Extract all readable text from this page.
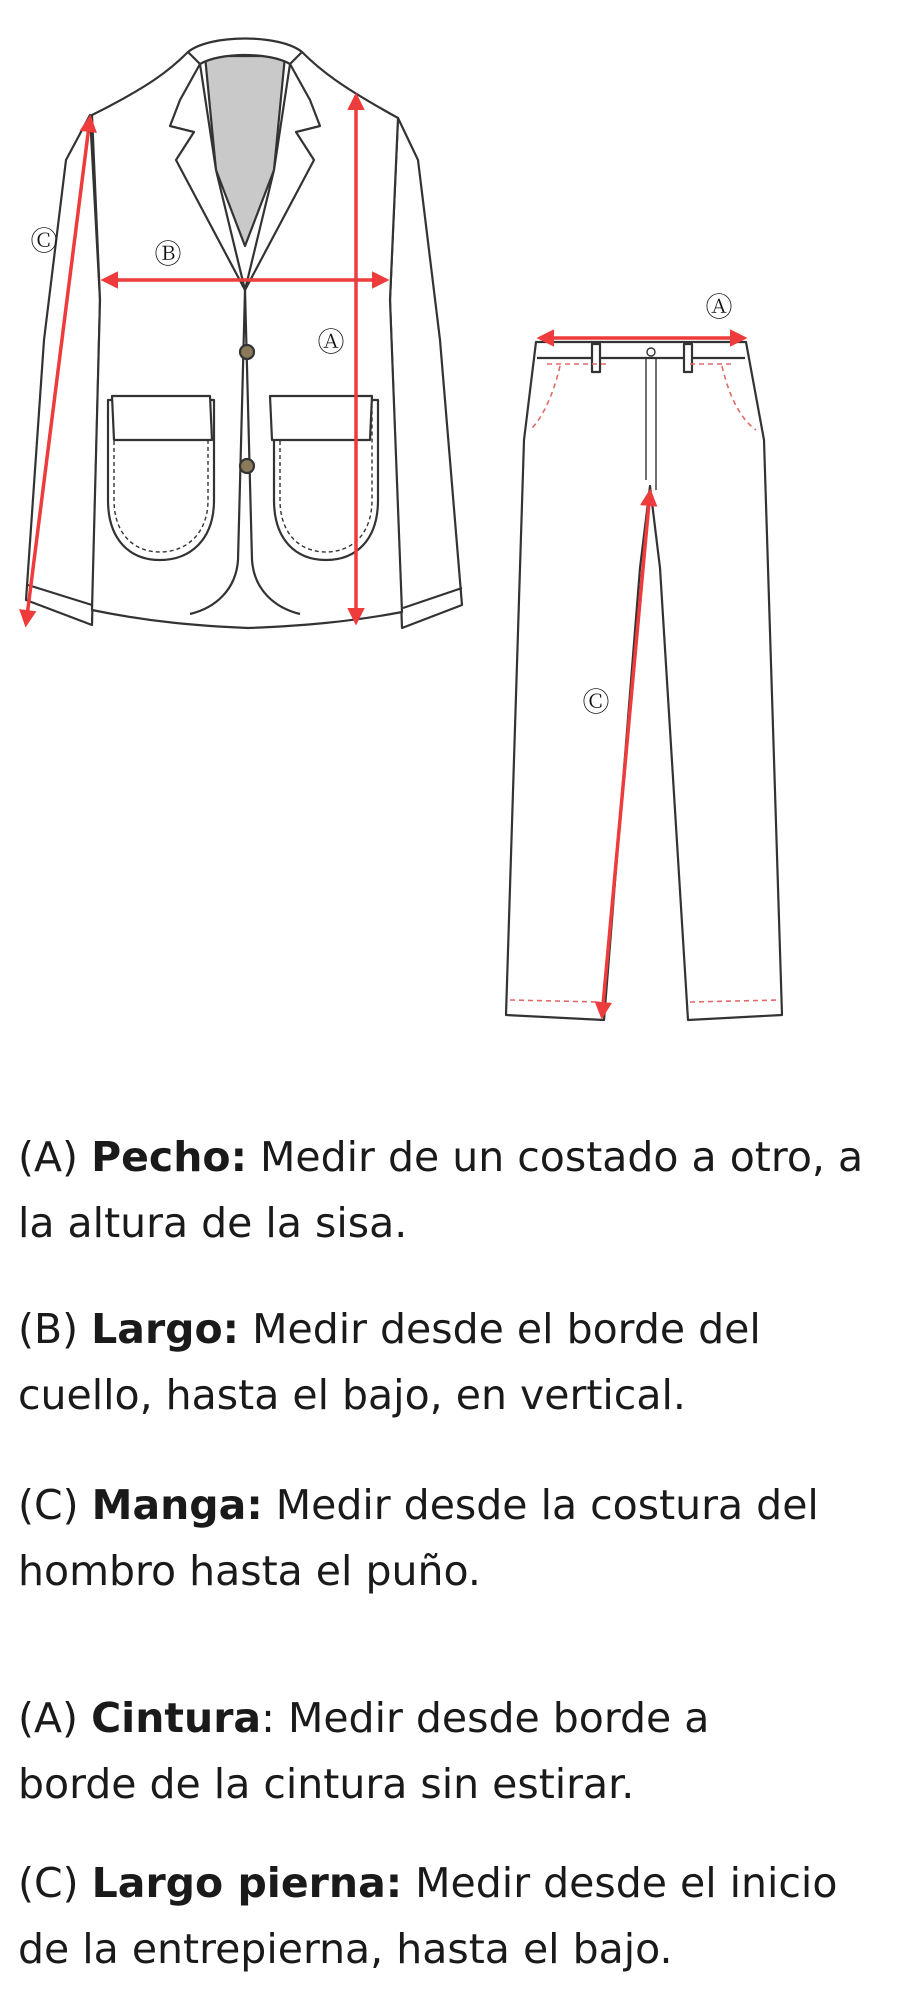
Ⓐ
Ⓑ
Ⓒ
Ⓐ
Ⓒ

(A) Pecho: Medir de un costado a otro, a la altura de la sisa.

(B) Largo: Medir desde el borde del cuello, hasta el bajo, en vertical.

(C) Manga: Medir desde la costura del hombro hasta el puño.

(A) Cintura: Medir desde borde a borde de la cintura sin estirar.

(C) Largo pierna: Medir desde el inicio de la entrepierna, hasta el bajo.
